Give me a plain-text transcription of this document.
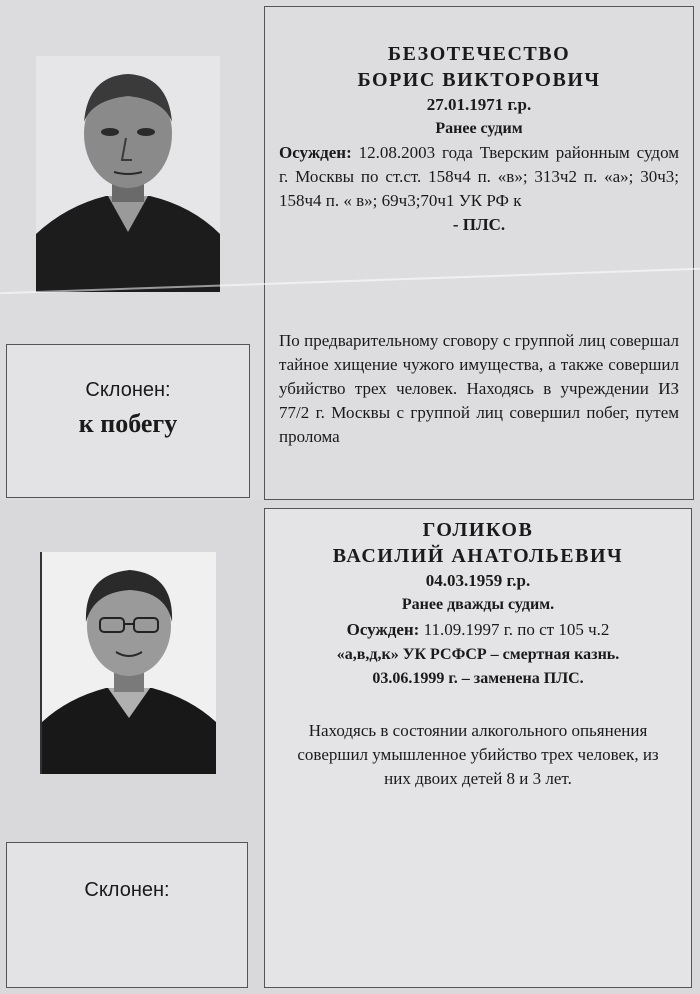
Склонен:
к побегу
БЕЗОТЕЧЕСТВО
БОРИС ВИКТОРОВИЧ
27.01.1971 г.р.
Ранее судим
Осужден: 12.08.2003 года Тверским районным судом г. Москвы по ст.ст. 158ч4 п. «в»; 313ч2 п. «а»; 30ч3; 158ч4 п. « в»; 69ч3;70ч1 УК РФ к
- ПЛС.
По предварительному сговору с группой лиц совершал тайное хищение чужого имущества, а также совершил убийство трех человек. Находясь в учреждении ИЗ 77/2 г. Москвы с группой лиц совершил побег, путем пролома
Склонен:
ГОЛИКОВ
ВАСИЛИЙ АНАТОЛЬЕВИЧ
04.03.1959 г.р.
Ранее дважды судим.
Осужден: 11.09.1997 г. по ст 105 ч.2
«а,в,д,к» УК РСФСР – смертная казнь.
03.06.1999 г. – заменена ПЛС.
Находясь в состоянии алкогольного опьянения совершил умышленное убийство трех человек, из них двоих детей 8 и 3 лет.
